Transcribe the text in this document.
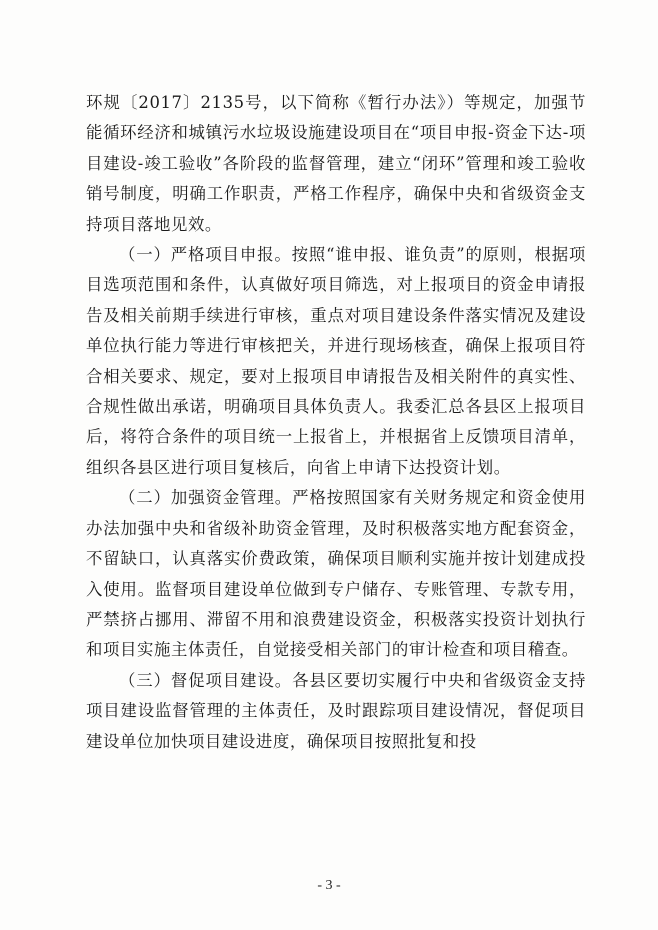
环规〔2017〕2135号，以下简称《暂行办法》）等规定，加强节能循环经济和城镇污水垃圾设施建设项目在“项目申报-资金下达-项目建设-竣工验收”各阶段的监督管理，建立“闭环”管理和竣工验收销号制度，明确工作职责，严格工作程序，确保中央和省级资金支持项目落地见效。

（一）严格项目申报。按照“谁申报、谁负责”的原则，根据项目选项范围和条件，认真做好项目筛选，对上报项目的资金申请报告及相关前期手续进行审核，重点对项目建设条件落实情况及建设单位执行能力等进行审核把关，并进行现场核查，确保上报项目符合相关要求、规定，要对上报项目申请报告及相关附件的真实性、合规性做出承诺，明确项目具体负责人。我委汇总各县区上报项目后，将符合条件的项目统一上报省上，并根据省上反馈项目清单，组织各县区进行项目复核后，向省上申请下达投资计划。

（二）加强资金管理。严格按照国家有关财务规定和资金使用办法加强中央和省级补助资金管理，及时积极落实地方配套资金，不留缺口，认真落实价费政策，确保项目顺利实施并按计划建成投入使用。监督项目建设单位做到专户储存、专账管理、专款专用，严禁挤占挪用、滞留不用和浪费建设资金，积极落实投资计划执行和项目实施主体责任，自觉接受相关部门的审计检查和项目稽查。

（三）督促项目建设。各县区要切实履行中央和省级资金支持项目建设监督管理的主体责任，及时跟踪项目建设情况，督促项目建设单位加快项目建设进度，确保项目按照批复和投

- 3 -
